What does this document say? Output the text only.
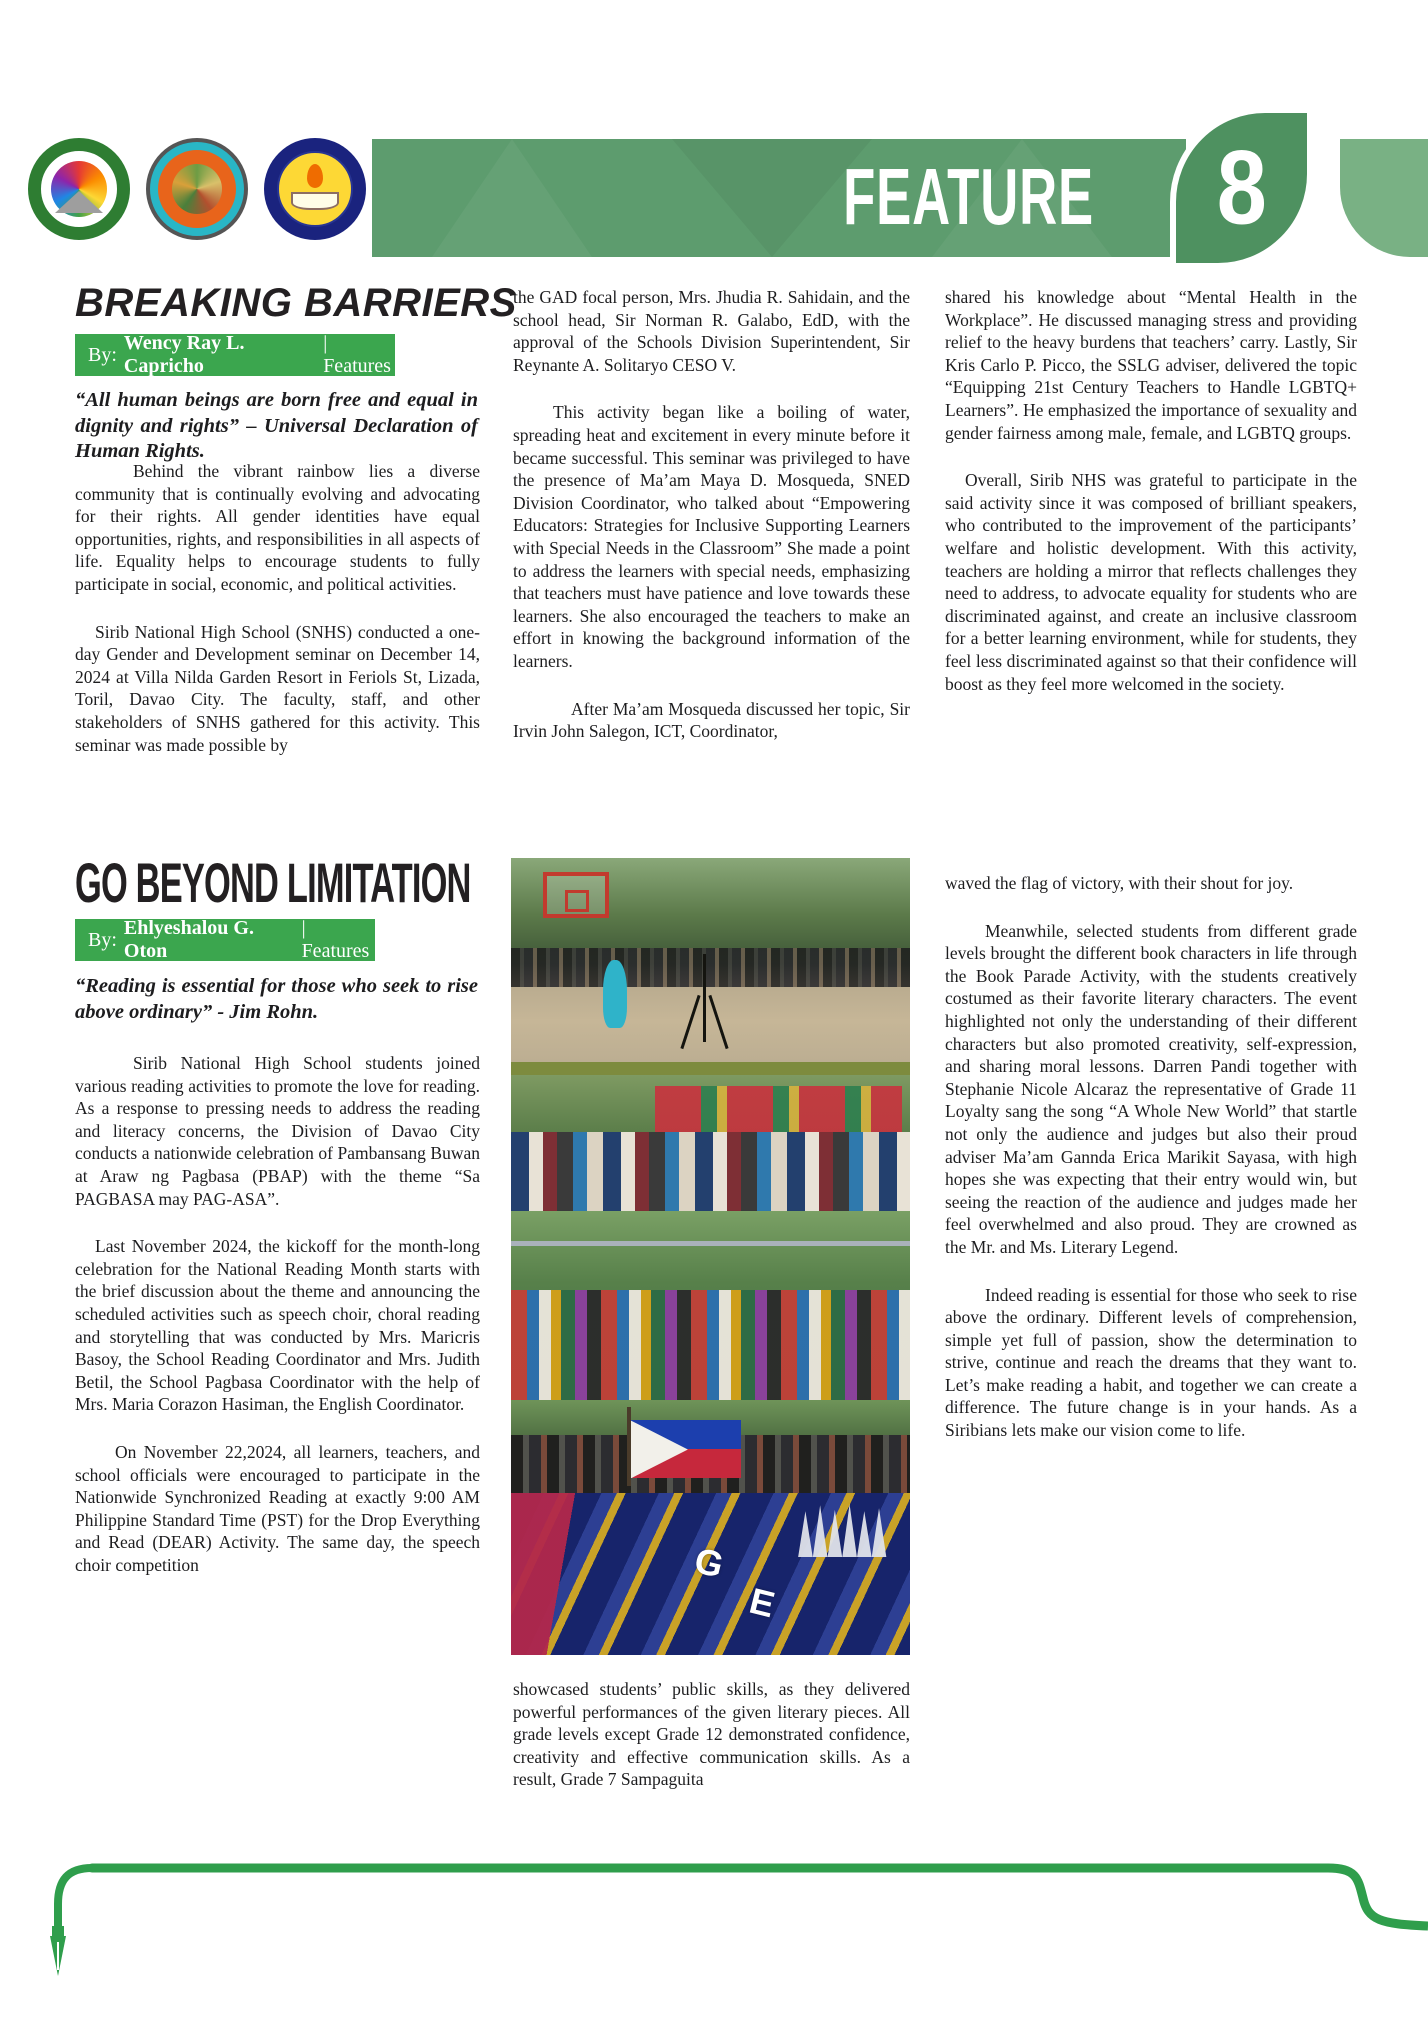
FEATURE 8
BREAKING BARRIERS
By:
Wency Ray L. Capricho
| Features
“All human beings are born free and equal in dignity and rights” – Universal Declaration of Human Rights.

Behind the vibrant rainbow lies a diverse community that is continually evolving and advocating for their rights. All gender identities have equal opportunities, rights, and responsibilities in all aspects of life. Equality helps to encourage students to fully participate in social, economic, and political activities.

Sirib National High School (SNHS) conducted a one-day Gender and Development seminar on December 14, 2024 at Villa Nilda Garden Resort in Feriols St, Lizada, Toril, Davao City. The faculty, staff, and other stakeholders of SNHS gathered for this activity. This seminar was made possible by

the GAD focal person, Mrs. Jhudia R. Sahidain, and the school head, Sir Norman R. Galabo, EdD, with the approval of the Schools Division Superintendent, Sir Reynante A. Solitaryo CESO V.

This activity began like a boiling of water, spreading heat and excitement in every minute before it became successful. This seminar was privileged to have the presence of Ma’am Maya D. Mosqueda, SNED Division Coordinator, who talked about “Empowering Educators: Strategies for Inclusive Supporting Learners with Special Needs in the Classroom” She made a point to address the learners with special needs, emphasizing that teachers must have patience and love towards these learners. She also encouraged the teachers to make an effort in knowing the background information of the learners.

After Ma’am Mosqueda discussed her topic, Sir Irvin John Salegon, ICT, Coordinator,

shared his knowledge about “Mental Health in the Workplace”. He discussed managing stress and providing relief to the heavy burdens that teachers’ carry. Lastly, Sir Kris Carlo P. Picco, the SSLG adviser, delivered the topic “Equipping 21st Century Teachers to Handle LGBTQ+ Learners”. He emphasized the importance of sexuality and gender fairness among male, female, and LGBTQ groups.

Overall, Sirib NHS was grateful to participate in the said activity since it was composed of brilliant speakers, who contributed to the improvement of the participants’ welfare and holistic development. With this activity, teachers are holding a mirror that reflects challenges they need to address, to advocate equality for students who are discriminated against, and create an inclusive classroom for a better learning environment, while for students, they feel less discriminated against so that their confidence will boost as they feel more welcomed in the society.

GO BEYOND LIMITATION
By:
Ehlyeshalou G. Oton
| Features
“Reading is essential for those who seek to rise above ordinary” - Jim Rohn.

Sirib National High School students joined various reading activities to promote the love for reading. As a response to pressing needs to address the reading and literacy concerns, the Division of Davao City conducts a nationwide celebration of Pambansang Buwan at Araw ng Pagbasa (PBAP) with the theme “Sa PAGBASA may PAG-ASA”.

Last November 2024, the kickoff for the month-long celebration for the National Reading Month starts with the brief discussion about the theme and announcing the scheduled activities such as speech choir, choral reading and storytelling that was conducted by Mrs. Maricris Basoy, the School Reading Coordinator and Mrs. Judith Betil, the School Pagbasa Coordinator with the help of Mrs. Maria Corazon Hasiman, the English Coordinator.

On November 22,2024, all learners, teachers, and school officials were encouraged to participate in the Nationwide Synchronized Reading at exactly 9:00 AM Philippine Standard Time (PST) for the Drop Everything and Read (DEAR) Activity. The same day, the speech choir competition	G
E

showcased students’ public skills, as they delivered powerful performances of the given literary pieces. All grade levels except Grade 12 demonstrated confidence, creativity and effective communication skills. As a result, Grade 7 Sampaguita

waved the flag of victory, with their shout for joy.

Meanwhile, selected students from different grade levels brought the different book characters in life through the Book Parade Activity, with the students creatively costumed as their favorite literary characters. The event highlighted not only the understanding of their different characters but also promoted creativity, self-expression, and sharing moral lessons. Darren Pandi together with Stephanie Nicole Alcaraz the representative of Grade 11 Loyalty sang the song “A Whole New World” that startle not only the audience and judges but also their proud adviser Ma’am Gannda Erica Marikit Sayasa, with high hopes she was expecting that their entry would win, but seeing the reaction of the audience and judges made her feel overwhelmed and also proud. They are crowned as the Mr. and Ms. Literary Legend.

Indeed reading is essential for those who seek to rise above the ordinary. Different levels of comprehension, simple yet full of passion, show the determination to strive, continue and reach the dreams that they want to. Let’s make reading a habit, and together we can create a difference. The future change is in your hands. As a Siribians lets make our vision come to life.
